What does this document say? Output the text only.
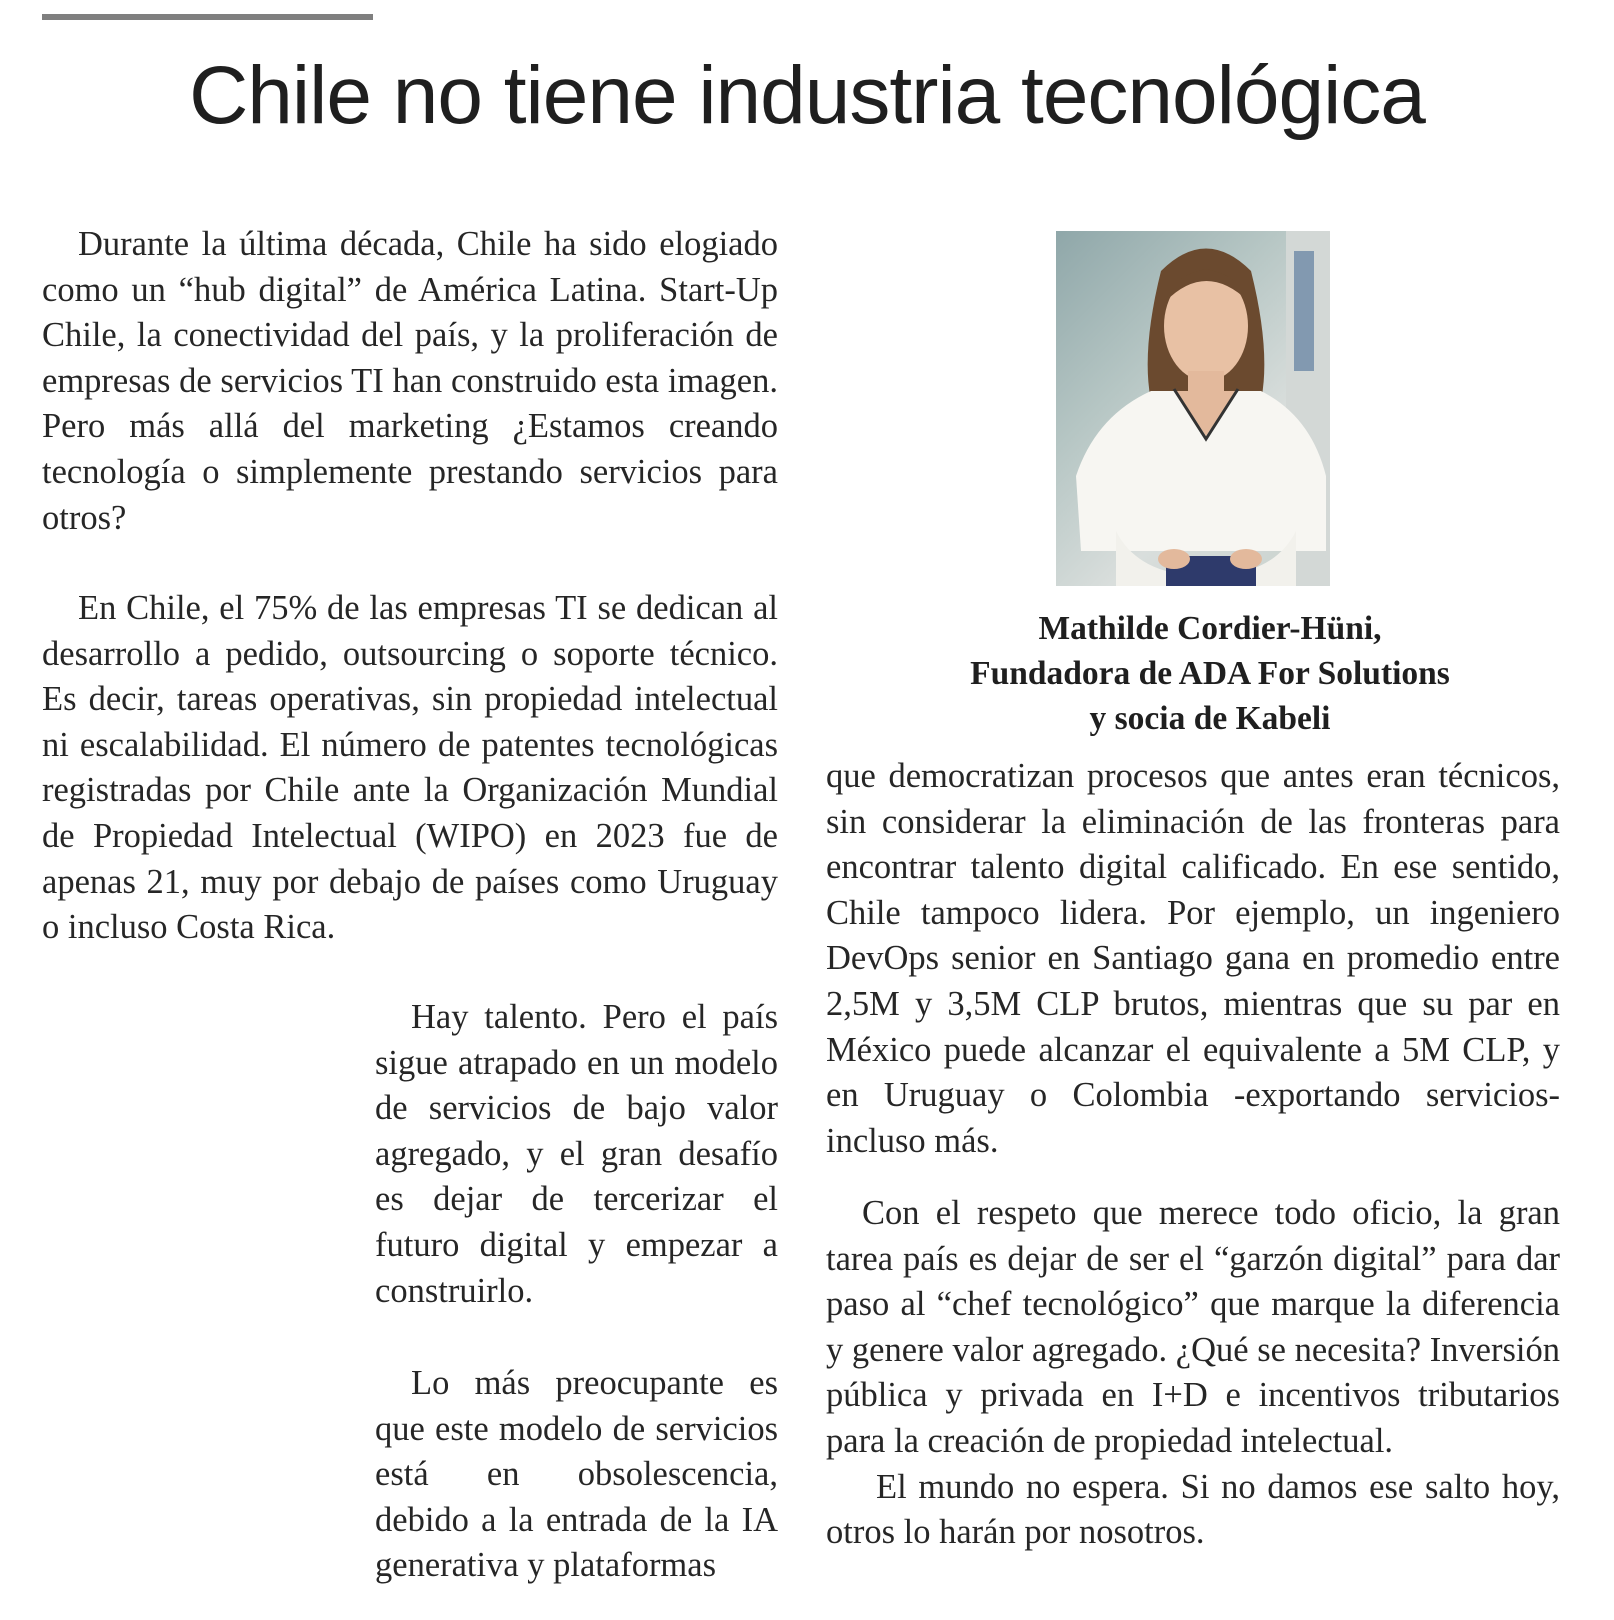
Chile no tiene industria tecnológica

Durante la última década, Chile ha sido elogiado como un “hub digital” de América Latina. Start-Up Chile, la conectividad del país, y la proliferación de empresas de servicios TI han construido esta imagen. Pero más allá del marketing ¿Estamos creando tecnología o simplemente prestando servicios para otros?

En Chile, el 75% de las empresas TI se dedican al desarrollo a pedido, outsourcing o soporte técnico. Es decir, tareas operativas, sin propiedad intelectual ni escalabilidad. El número de patentes tecnológicas registradas por Chile ante la Organización Mundial de Propiedad Intelectual (WIPO) en 2023 fue de apenas 21, muy por debajo de países como Uruguay o incluso Costa Rica.

Hay talento. Pero el país sigue atrapado en un modelo de servicios de bajo valor agregado, y el gran desafío es dejar de tercerizar el futuro digital y empezar a construirlo.

Lo más preocupante es que este modelo de servicios está en obsolescencia, debido a la entrada de la IA generativa y plataformas

Mathilde Cordier-Hüni,
Fundadora de ADA For Solutions
y socia de Kabeli

que democratizan procesos que antes eran técnicos, sin considerar la eliminación de las fronteras para encontrar talento digital calificado. En ese sentido, Chile tampoco lidera. Por ejemplo, un ingeniero DevOps senior en Santiago gana en promedio entre 2,5M y 3,5M CLP brutos, mientras que su par en México puede alcanzar el equivalente a 5M CLP, y en Uruguay o Colombia -exportando servicios- incluso más.

Con el respeto que merece todo oficio, la gran tarea país es dejar de ser el “garzón digital” para dar paso al “chef tecnológico” que marque la diferencia y genere valor agregado. ¿Qué se necesita? Inversión pública y privada en I+D e incentivos tributarios para la creación de propiedad intelectual.

El mundo no espera. Si no damos ese salto hoy, otros lo harán por nosotros.
